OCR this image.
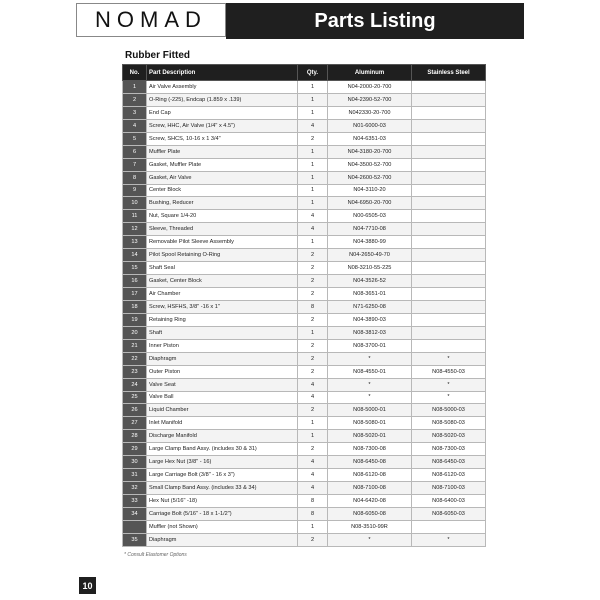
NOMAD	Parts Listing
Rubber Fitted
No.	Part Description	Qty.	Aluminum	Stainless Steel
1	Air Valve Assembly	1	N04-2000-20-700	
2	O-Ring (-225), Endcap (1.859 x .139)	1	N04-2390-52-700	
3	End Cap	1	N042330-20-700	
4	Screw, HHC, Air Valve (1/4" x 4.5")	4	N01-6000-03	
5	Screw, SHCS, 10-16 x 1 3/4"	2	N04-6351-03	
6	Muffler Plate	1	N04-3180-20-700	
7	Gasket, Muffler Plate	1	N04-3500-52-700	
8	Gasket, Air Valve	1	N04-2600-52-700	
9	Center Block	1	N04-3110-20	
10	Bushing, Reducer	1	N04-6950-20-700	
11	Nut, Square 1/4-20	4	N00-6505-03	
12	Sleeve, Threaded	4	N04-7710-08	
13	Removable Pilot Sleeve Assembly	1	N04-3880-99	
14	Pilot Spool Retaining O-Ring	2	N04-2650-49-70	
15	Shaft Seal	2	N08-3210-55-225	
16	Gasket, Center Block	2	N04-3526-52	
17	Air Chamber	2	N08-3651-01	
18	Screw, HSFHS, 3/8" -16 x 1"	8	N71-6250-08	
19	Retaining Ring	2	N04-3890-03	
20	Shaft	1	N08-3812-03	
21	Inner Piston	2	N08-3700-01	
22	Diaphragm	2	*	*
23	Outer Piston	2	N08-4550-01	N08-4550-03
24	Valve Seat	4	*	*
25	Valve Ball	4	*	*
26	Liquid Chamber	2	N08-5000-01	N08-5000-03
27	Inlet Manifold	1	N08-5080-01	N08-5080-03
28	Discharge Manifold	1	N08-5020-01	N08-5020-03
29	Large Clamp Band Assy. (includes 30 & 31)	2	N08-7300-08	N08-7300-03
30	Large Hex Nut (3/8" - 16)	4	N08-6450-08	N08-6450-03
31	Large Carriage Bolt (3/8" - 16 x 3")	4	N08-6120-08	N08-6120-03
32	Small Clamp Band Assy. (includes 33 & 34)	4	N08-7100-08	N08-7100-03
33	Hex Nut (5/16" -18)	8	N04-6420-08	N08-6400-03
34	Carriage Bolt (5/16" - 18 x 1-1/2")	8	N08-6050-08	N08-6050-03
	Muffler (not Shown)	1	N08-3510-99R	
35	Diaphragm	2	*	*
* Consult Elastomer Options
10
